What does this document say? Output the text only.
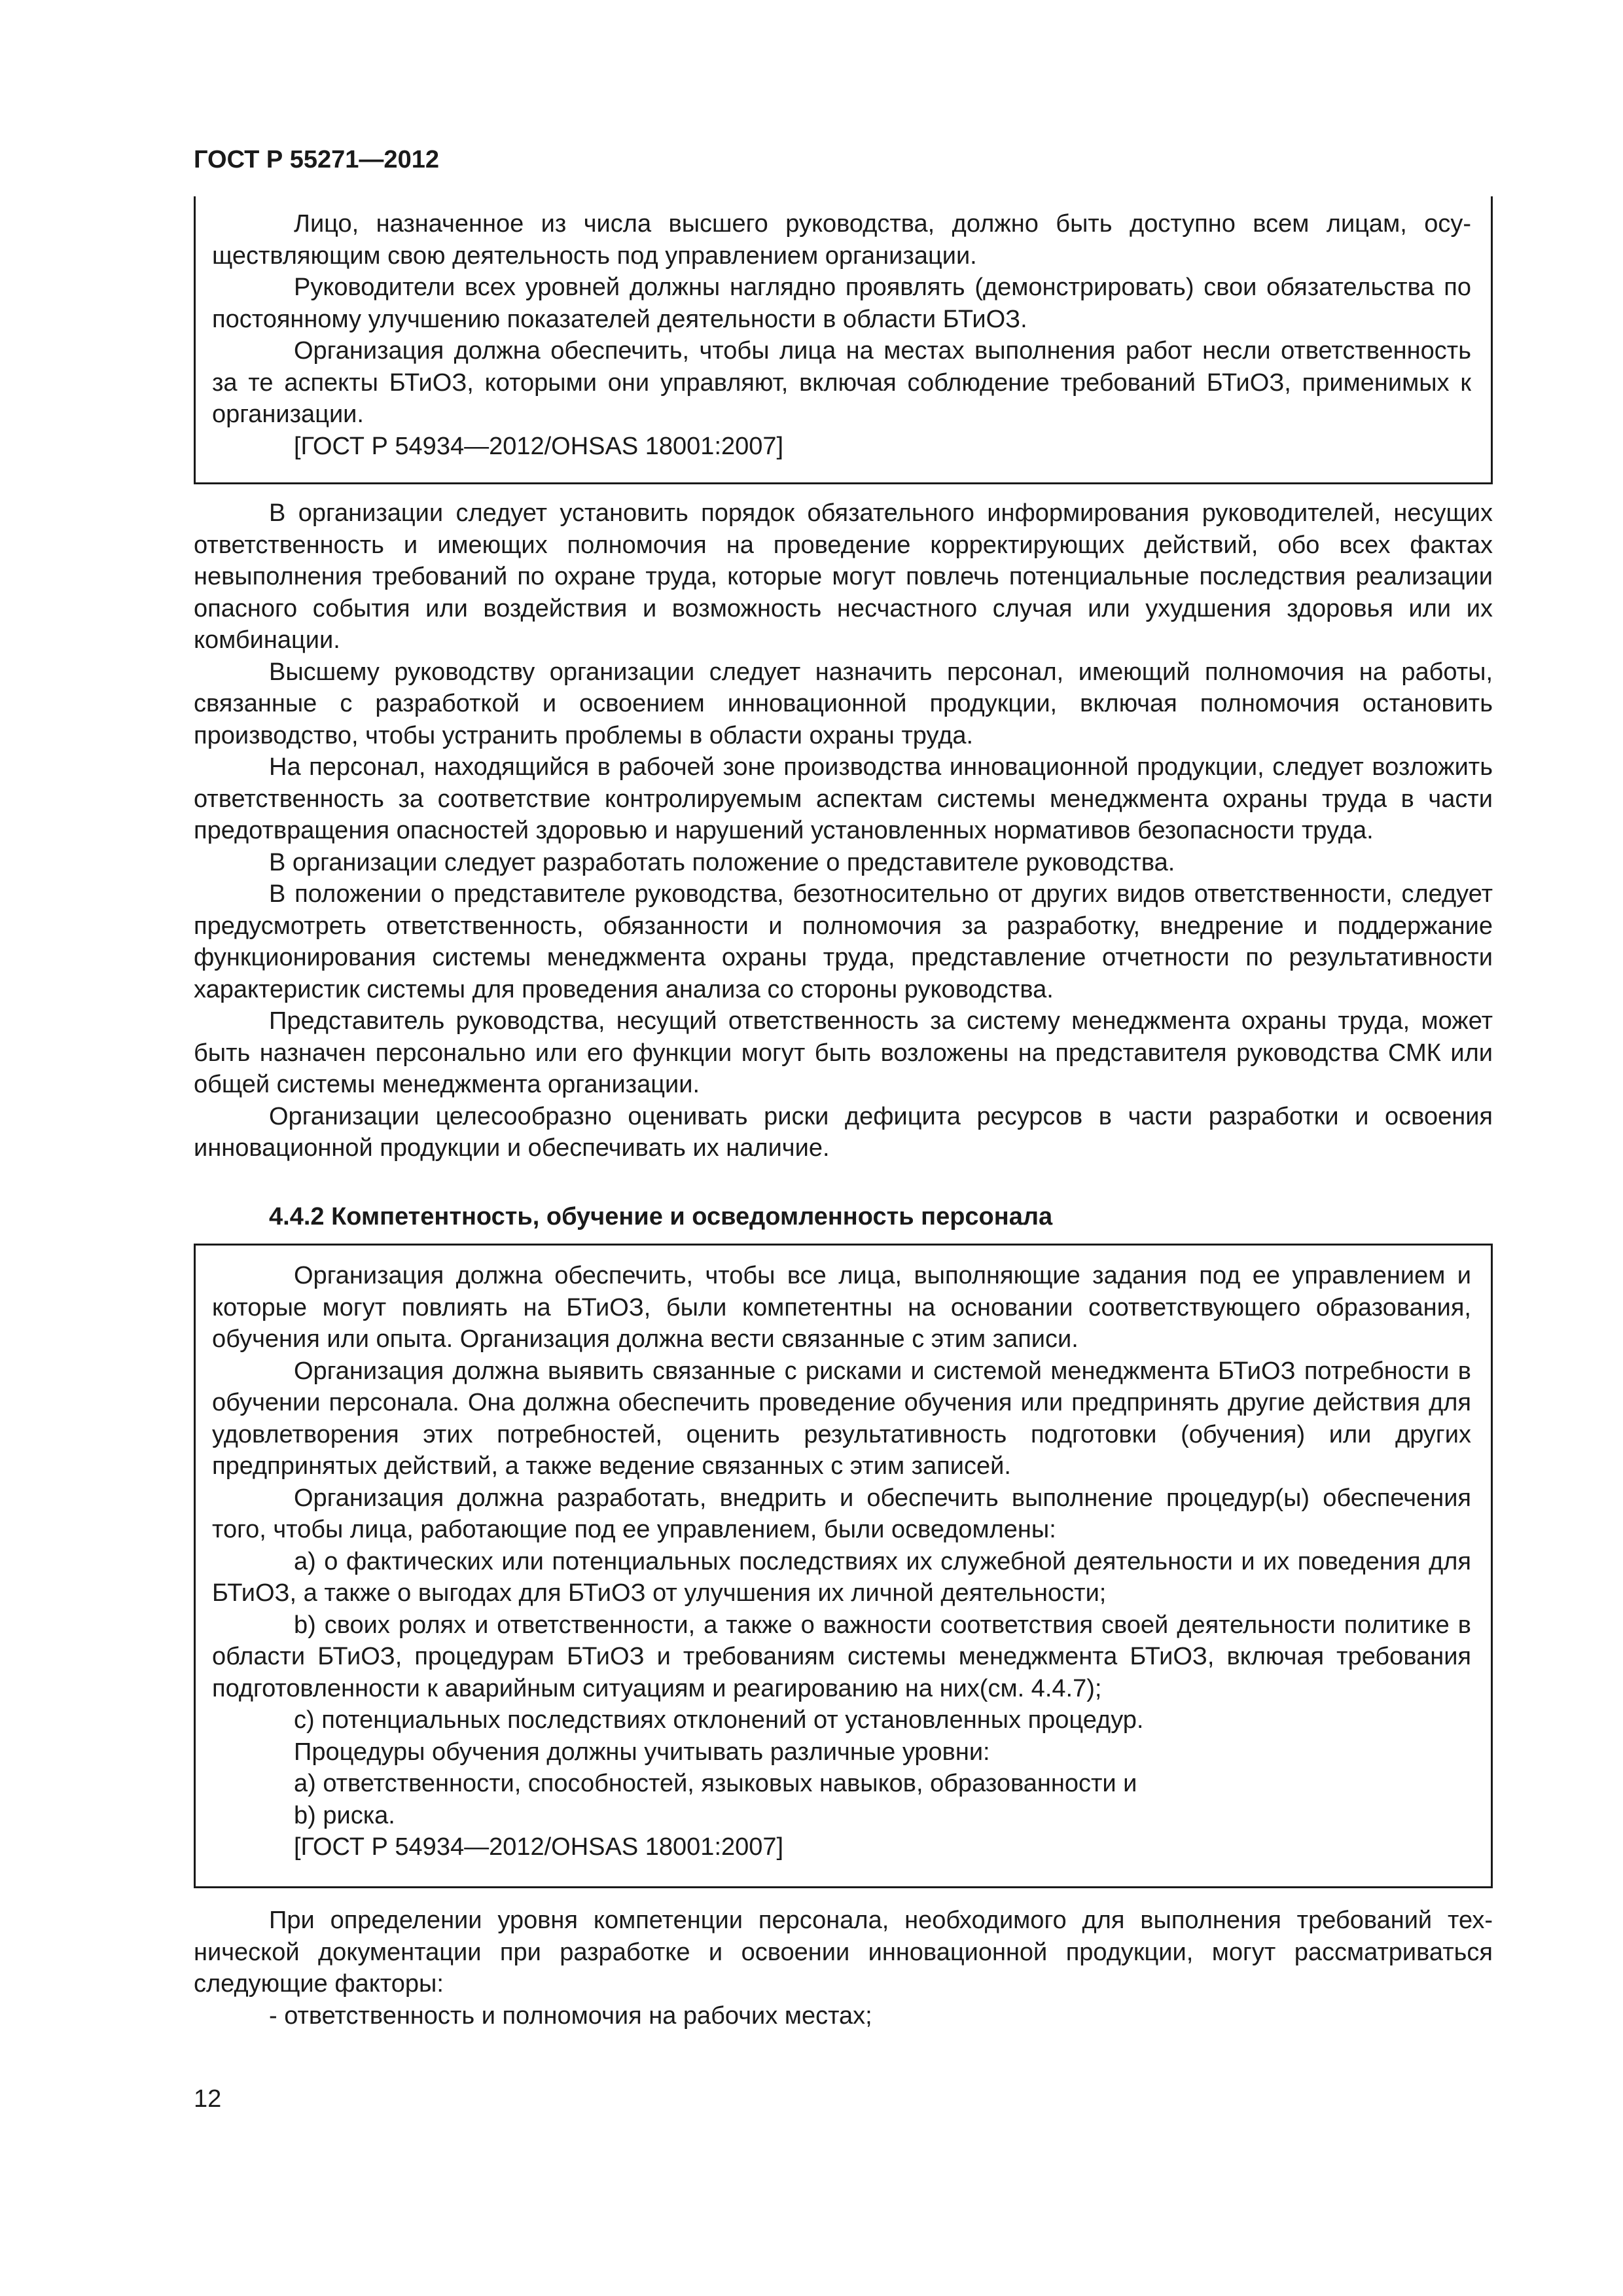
ГОСТ Р 55271—2012

Лицо, назначенное из числа высшего руководства, должно быть доступно всем лицам, осуществляющим свою деятельность под управлением организации.

Руководители всех уровней должны наглядно проявлять (демонстрировать) свои обязательства по постоянному улучшению показателей деятельности в области БТиОЗ.

Организация должна обеспечить, чтобы лица на местах выполнения работ несли ответственность за те аспекты БТиОЗ, которыми они управляют, включая соблюдение требований БТиОЗ, применимых к организации.

[ГОСТ Р 54934—2012/OHSAS 18001:2007]

В организации следует установить порядок обязательного информирования руководителей, несущих ответственность и имеющих полномочия на проведение корректирующих действий, обо всех фактах невыполнения требований по охране труда, которые могут повлечь потенциальные последствия реализации опасного события или воздействия и возможность несчастного случая или ухудшения здоровья или их комбинации.

Высшему руководству организации следует назначить персонал, имеющий полномочия на работы, связанные с разработкой и освоением инновационной продукции, включая полномочия остановить производство, чтобы устранить проблемы в области охраны труда.

На персонал, находящийся в рабочей зоне производства инновационной продукции, следует возложить ответственность за соответствие контролируемым аспектам системы менеджмента охраны труда в части предотвращения опасностей здоровью и нарушений установленных нормативов безопасности труда.

В организации следует разработать положение о представителе руководства.

В положении о представителе руководства, безотносительно от других видов ответственности, следует предусмотреть ответственность, обязанности и полномочия за разработку, внедрение и поддержание функционирования системы менеджмента охраны труда, представление отчетности по результативности характеристик системы для проведения анализа со стороны руководства.

Представитель руководства, несущий ответственность за систему менеджмента охраны труда, может быть назначен персонально или его функции могут быть возложены на представителя руководства СМК или общей системы менеджмента организации.

Организации целесообразно оценивать риски дефицита ресурсов в части разработки и освоения инновационной продукции и обеспечивать их наличие.

4.4.2 Компетентность, обучение и осведомленность персонала

Организация должна обеспечить, чтобы все лица, выполняющие задания под ее управлением и которые могут повлиять на БТиОЗ, были компетентны на основании соответствующего образования, обучения или опыта. Организация должна вести связанные с этим записи.

Организация должна выявить связанные с рисками и системой менеджмента БТиОЗ потребности в обучении персонала. Она должна обеспечить проведение обучения или предпринять другие действия для удовлетворения этих потребностей, оценить результативность подготовки (обучения) или других предпринятых действий, а также ведение связанных с этим записей.

Организация должна разработать, внедрить и обеспечить выполнение процедур(ы) обеспечения того, чтобы лица, работающие под ее управлением, были осведомлены:

а) о фактических или потенциальных последствиях их служебной деятельности и их поведения для БТиОЗ, а также о выгодах для БТиОЗ от улучшения их личной деятельности;

b) своих ролях и ответственности, а также о важности соответствия своей деятельности политике в области БТиОЗ, процедурам БТиОЗ и требованиям системы менеджмента БТиОЗ, включая требования подготовленности к аварийным ситуациям и реагированию на них(см. 4.4.7);

с) потенциальных последствиях отклонений от установленных процедур.

Процедуры обучения должны учитывать различные уровни:

а) ответственности, способностей, языковых навыков, образованности и

b) риска.

[ГОСТ Р 54934—2012/OHSAS 18001:2007]

При определении уровня компетенции персонала, необходимого для выполнения требований технической документации при разработке и освоении инновационной продукции, могут рассматриваться следующие факторы:

- ответственность и полномочия на рабочих местах;

12
